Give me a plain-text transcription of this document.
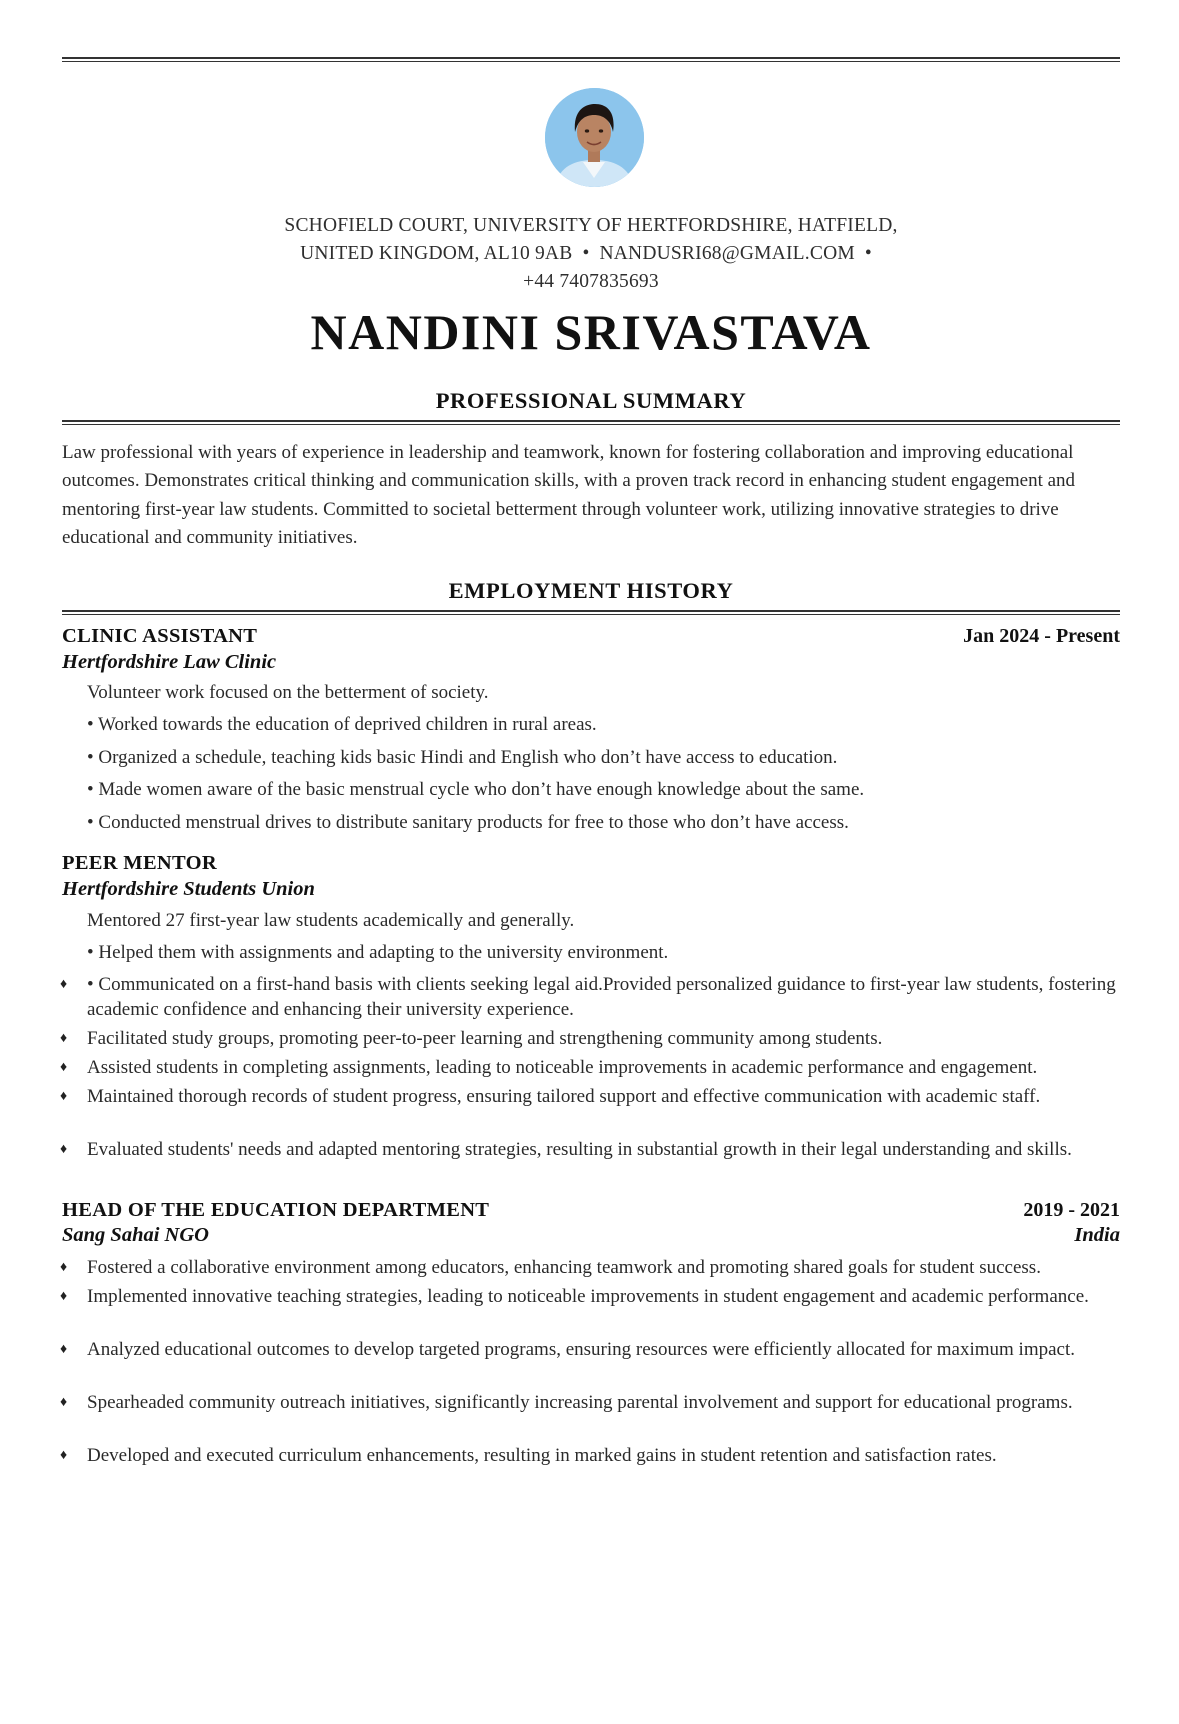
SCHOFIELD COURT, UNIVERSITY OF HERTFORDSHIRE, HATFIELD,
UNITED KINGDOM, AL10 9AB • NANDUSRI68@GMAIL.COM •
+44 7407835693
NANDINI SRIVASTAVA
PROFESSIONAL SUMMARY
Law professional with years of experience in leadership and teamwork, known for fostering collaboration and improving educational outcomes. Demonstrates critical thinking and communication skills, with a proven track record in enhancing student engagement and mentoring first-year law students. Committed to societal betterment through volunteer work, utilizing innovative strategies to drive educational and community initiatives.
EMPLOYMENT HISTORY
CLINIC ASSISTANT	Jan 2024 - Present
Hertfordshire Law Clinic
Volunteer work focused on the betterment of society.
• Worked towards the education of deprived children in rural areas.
• Organized a schedule, teaching kids basic Hindi and English who don’t have access to education.
• Made women aware of the basic menstrual cycle who don’t have enough knowledge about the same.
• Conducted menstrual drives to distribute sanitary products for free to those who don’t have access.
PEER MENTOR
Hertfordshire Students Union
Mentored 27 first-year law students academically and generally.
• Helped them with assignments and adapting to the university environment.
♦ • Communicated on a first-hand basis with clients seeking legal aid.Provided personalized guidance to first-year law students, fostering academic confidence and enhancing their university experience.
♦ Facilitated study groups, promoting peer-to-peer learning and strengthening community among students.
♦ Assisted students in completing assignments, leading to noticeable improvements in academic performance and engagement.
♦ Maintained thorough records of student progress, ensuring tailored support and effective communication with academic staff.
♦ Evaluated students' needs and adapted mentoring strategies, resulting in substantial growth in their legal understanding and skills.
HEAD OF THE EDUCATION DEPARTMENT	2019 - 2021
Sang Sahai NGO	India
♦ Fostered a collaborative environment among educators, enhancing teamwork and promoting shared goals for student success.
♦ Implemented innovative teaching strategies, leading to noticeable improvements in student engagement and academic performance.
♦ Analyzed educational outcomes to develop targeted programs, ensuring resources were efficiently allocated for maximum impact.
♦ Spearheaded community outreach initiatives, significantly increasing parental involvement and support for educational programs.
♦ Developed and executed curriculum enhancements, resulting in marked gains in student retention and satisfaction rates.
